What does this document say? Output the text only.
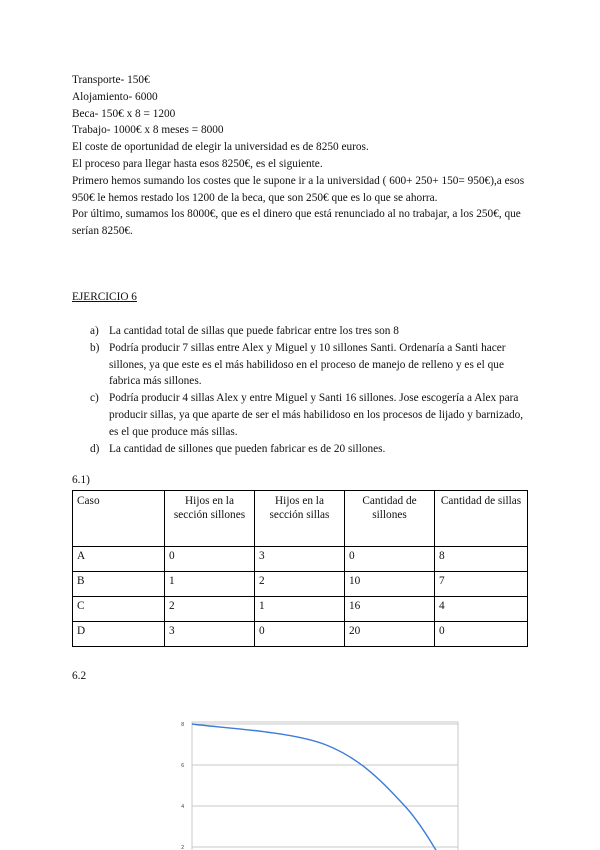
Transporte- 150€

Alojamiento- 6000

Beca- 150€ x 8 = 1200

Trabajo- 1000€ x 8 meses = 8000

El coste de oportunidad de elegir la universidad es de 8250 euros.

El proceso para llegar hasta esos 8250€, es el siguiente.

Primero hemos sumando los costes que le supone ir a la universidad ( 600+ 250+ 150= 950€),a esos 950€ le hemos restado los 1200 de la beca, que son 250€ que es lo que se ahorra.

Por último, sumamos los 8000€, que es el dinero que está renunciado al no trabajar, a los 250€, que serían 8250€.

EJERCICIO 6
a) La cantidad total de sillas que puede fabricar entre los tres son 8
b) Podría producir 7 sillas entre Alex y Miguel y 10 sillones Santi. Ordenaría a Santi hacer sillones, ya que este es el más habilidoso en el proceso de manejo de relleno y es el que fabrica más sillones.
c) Podría producir 4 sillas Alex y entre Miguel y Santi 16 sillones. Jose escogería a Alex para producir sillas, ya que aparte de ser el más habilidoso en los procesos de lijado y barnizado, es el que produce más sillas.
d) La cantidad de sillones que pueden fabricar es de 20 sillones.
6.1)
Caso	Hijos en la sección sillones	Hijos en la sección sillas	Cantidad de sillones	Cantidad de sillas
A	0	3	0	8
B	1	2	10	7
C	2	1	16	4
D	3	0	20	0
6.2
8
6
4
2
